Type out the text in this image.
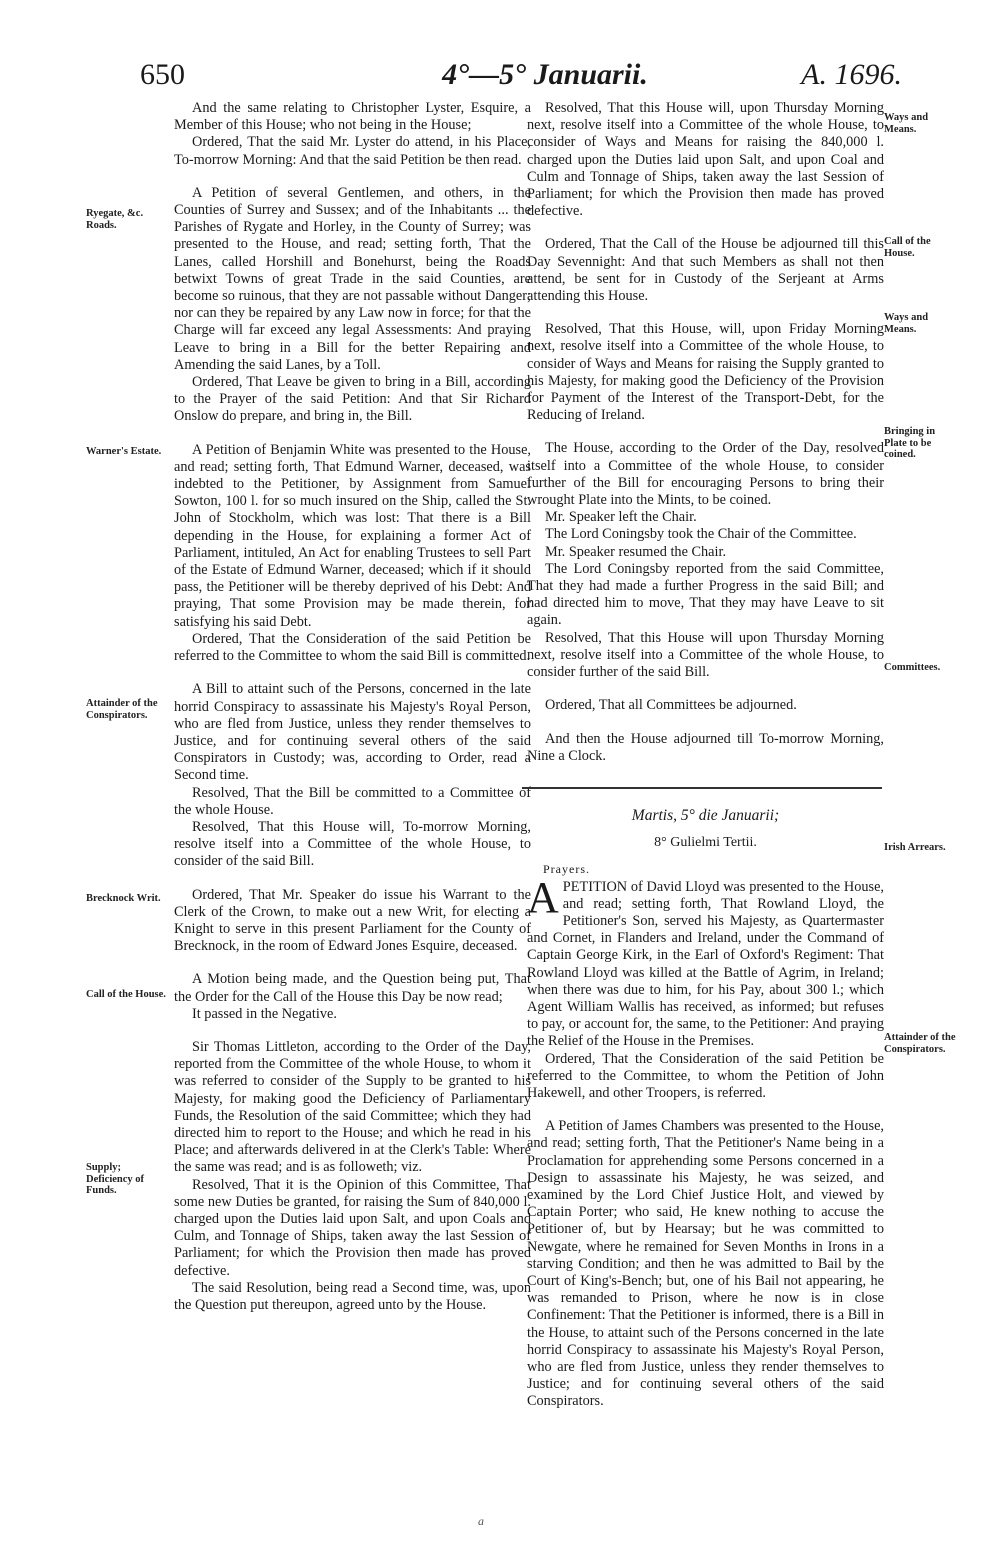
650	4°—5° Januarii.	A. 1696.
Ryegate, &c. Roads.
Warner's Estate.
Attainder of the Conspirators.
Brecknock Writ.
Call of the House.
Supply; Deficiency of Funds.
Ways and Means.
Call of the House.
Ways and Means.
Bringing in Plate to be coined.
Committees.
Irish Arrears.
Attainder of the Conspirators.

And the same relating to Christopher Lyster, Esquire, a Member of this House; who not being in the House;

Ordered, That the said Mr. Lyster do attend, in his Place, To-morrow Morning: And that the said Petition be then read.

A Petition of several Gentlemen, and others, in the Counties of Surrey and Sussex; and of the Inhabitants ... the Parishes of Rygate and Horley, in the County of Surrey; was presented to the House, and read; setting forth, That the Lanes, called Horshill and Bonehurst, being the Roads betwixt Towns of great Trade in the said Counties, are become so ruinous, that they are not passable without Danger; nor can they be repaired by any Law now in force; for that the Charge will far exceed any legal Assessments: And praying Leave to bring in a Bill for the better Repairing and Amending the said Lanes, by a Toll.

Ordered, That Leave be given to bring in a Bill, according to the Prayer of the said Petition: And that Sir Richard Onslow do prepare, and bring in, the Bill.

A Petition of Benjamin White was presented to the House, and read; setting forth, That Edmund Warner, deceased, was indebted to the Petitioner, by Assignment from Samuel Sowton, 100 l. for so much insured on the Ship, called the St. John of Stockholm, which was lost: That there is a Bill depending in the House, for explaining a former Act of Parliament, intituled, An Act for enabling Trustees to sell Part of the Estate of Edmund Warner, deceased; which if it should pass, the Petitioner will be thereby deprived of his Debt: And praying, That some Provision may be made therein, for satisfying his said Debt.

Ordered, That the Consideration of the said Petition be referred to the Committee to whom the said Bill is committed.

A Bill to attaint such of the Persons, concerned in the late horrid Conspiracy to assassinate his Majesty's Royal Person, who are fled from Justice, unless they render themselves to Justice, and for continuing several others of the said Conspirators in Custody; was, according to Order, read a Second time.

Resolved, That the Bill be committed to a Committee of the whole House.

Resolved, That this House will, To-morrow Morning, resolve itself into a Committee of the whole House, to consider of the said Bill.

Ordered, That Mr. Speaker do issue his Warrant to the Clerk of the Crown, to make out a new Writ, for electing a Knight to serve in this present Parliament for the County of Brecknock, in the room of Edward Jones Esquire, deceased.

A Motion being made, and the Question being put, That the Order for the Call of the House this Day be now read;

It passed in the Negative.

Sir Thomas Littleton, according to the Order of the Day, reported from the Committee of the whole House, to whom it was referred to consider of the Supply to be granted to his Majesty, for making good the Deficiency of Parliamentary Funds, the Resolution of the said Committee; which they had directed him to report to the House; and which he read in his Place; and afterwards delivered in at the Clerk's Table: Where the same was read; and is as followeth; viz.

Resolved, That it is the Opinion of this Committee, That some new Duties be granted, for raising the Sum of 840,000 l. charged upon the Duties laid upon Salt, and upon Coals and Culm, and Tonnage of Ships, taken away the last Session of Parliament; for which the Provision then made has proved defective.

The said Resolution, being read a Second time, was, upon the Question put thereupon, agreed unto by the House.

Resolved, That this House will, upon Thursday Morning next, resolve itself into a Committee of the whole House, to consider of Ways and Means for raising the 840,000 l. charged upon the Duties laid upon Salt, and upon Coal and Culm and Tonnage of Ships, taken away the last Session of Parliament; for which the Provision then made has proved defective.

Ordered, That the Call of the House be adjourned till this Day Sevennight: And that such Members as shall not then attend, be sent for in Custody of the Serjeant at Arms attending this House.

Resolved, That this House, will, upon Friday Morning next, resolve itself into a Committee of the whole House, to consider of Ways and Means for raising the Supply granted to his Majesty, for making good the Deficiency of the Provision for Payment of the Interest of the Transport-Debt, for the Reducing of Ireland.

The House, according to the Order of the Day, resolved itself into a Committee of the whole House, to consider further of the Bill for encouraging Persons to bring their wrought Plate into the Mints, to be coined.

Mr. Speaker left the Chair.

The Lord Coningsby took the Chair of the Committee.

Mr. Speaker resumed the Chair.

The Lord Coningsby reported from the said Committee, That they had made a further Progress in the said Bill; and had directed him to move, That they may have Leave to sit again.

Resolved, That this House will upon Thursday Morning next, resolve itself into a Committee of the whole House, to consider further of the said Bill.

Ordered, That all Committees be adjourned.

And then the House adjourned till To-morrow Morning, Nine a Clock.

Martis, 5° die Januarii;
8° Gulielmi Tertii.
Prayers.

APETITION of David Lloyd was presented to the House, and read; setting forth, That Rowland Lloyd, the Petitioner's Son, served his Majesty, as Quartermaster and Cornet, in Flanders and Ireland, under the Command of Captain George Kirk, in the Earl of Oxford's Regiment: That Rowland Lloyd was killed at the Battle of Agrim, in Ireland; when there was due to him, for his Pay, about 300 l.; which Agent William Wallis has received, as informed; but refuses to pay, or account for, the same, to the Petitioner: And praying the Relief of the House in the Premises.

Ordered, That the Consideration of the said Petition be referred to the Committee, to whom the Petition of John Hakewell, and other Troopers, is referred.

A Petition of James Chambers was presented to the House, and read; setting forth, That the Petitioner's Name being in a Proclamation for apprehending some Persons concerned in a Design to assassinate his Majesty, he was seized, and examined by the Lord Chief Justice Holt, and viewed by Captain Porter; who said, He knew nothing to accuse the Petitioner of, but by Hearsay; but he was committed to Newgate, where he remained for Seven Months in Irons in a starving Condition; and then he was admitted to Bail by the Court of King's-Bench; but, one of his Bail not appearing, he was remanded to Prison, where he now is in close Confinement: That the Petitioner is informed, there is a Bill in the House, to attaint such of the Persons concerned in the late horrid Conspiracy to assassinate his Majesty's Royal Person, who are fled from Justice, unless they render themselves to Justice; and for continuing several others of the said Conspirators.

a
